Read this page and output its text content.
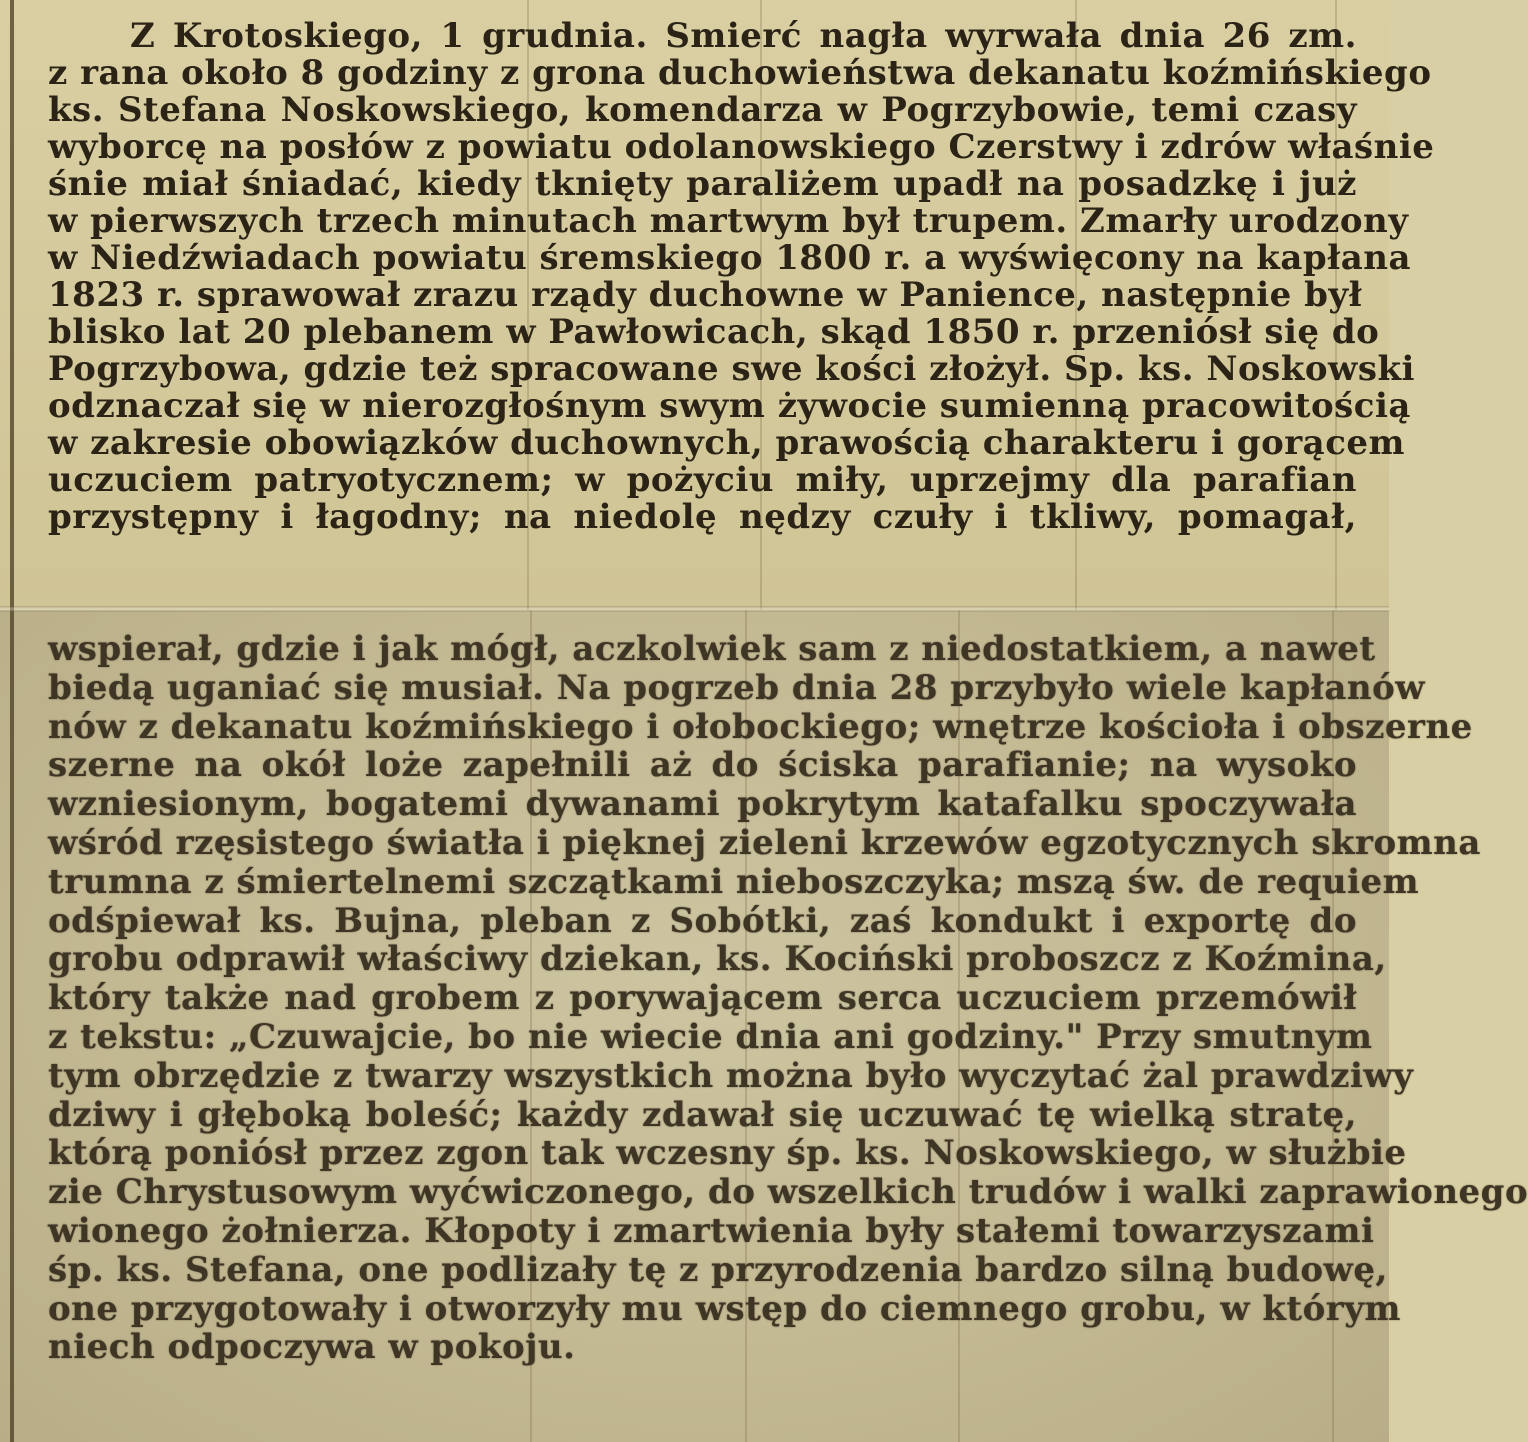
Z Krotoskiego, 1 grudnia. Smierć nagła wyrwała dnia 26 zm.
z rana około 8 godziny z grona duchowieństwa dekanatu koźmińskiego
ks. Stefana Noskowskiego, komendarza w Pogrzybowie, temi czasy
wyborcę na posłów z powiatu odolanowskiego Czerstwy i zdrów właśnie
śnie miał śniadać, kiedy tknięty paraliżem upadł na posadzkę i już
w pierwszych trzech minutach martwym był trupem. Zmarły urodzony
w Niedźwiadach powiatu śremskiego 1800 r. a wyświęcony na kapłana
1823 r. sprawował zrazu rządy duchowne w Panience, następnie był
blisko lat 20 plebanem w Pawłowicach, skąd 1850 r. przeniósł się do
Pogrzybowa, gdzie też spracowane swe kości złożył. Sp. ks. Noskowski
odznaczał się w nierozgłośnym swym żywocie sumienną pracowitością
w zakresie obowiązków duchownych, prawością charakteru i gorącem
uczuciem patryotycznem; w pożyciu miły, uprzejmy dla parafian
przystępny i łagodny; na niedolę nędzy czuły i tkliwy, pomagał,
wspierał, gdzie i jak mógł, aczkolwiek sam z niedostatkiem, a nawet
biedą uganiać się musiał. Na pogrzeb dnia 28 przybyło wiele kapłanów
nów z dekanatu koźmińskiego i ołobockiego; wnętrze kościoła i obszerne
szerne na okół loże zapełnili aż do ściska parafianie; na wysoko
wzniesionym, bogatemi dywanami pokrytym katafalku spoczywała
wśród rzęsistego światła i pięknej zieleni krzewów egzotycznych skromna
trumna z śmiertelnemi szczątkami nieboszczyka; mszą św. de requiem
odśpiewał ks. Bujna, pleban z Sobótki, zaś kondukt i exportę do
grobu odprawił właściwy dziekan, ks. Kociński proboszcz z Koźmina,
który także nad grobem z porywającem serca uczuciem przemówił
z tekstu: „Czuwajcie, bo nie wiecie dnia ani godziny." Przy smutnym
tym obrzędzie z twarzy wszystkich można było wyczytać żal prawdziwy
dziwy i głęboką boleść; każdy zdawał się uczuwać tę wielką stratę,
którą poniósł przez zgon tak wczesny śp. ks. Noskowskiego, w służbie
zie Chrystusowym wyćwiczonego, do wszelkich trudów i walki zaprawionego
wionego żołnierza. Kłopoty i zmartwienia były stałemi towarzyszami
śp. ks. Stefana, one podlizały tę z przyrodzenia bardzo silną budowę,
one przygotowały i otworzyły mu wstęp do ciemnego grobu, w którym
niech odpoczywa w pokoju.
